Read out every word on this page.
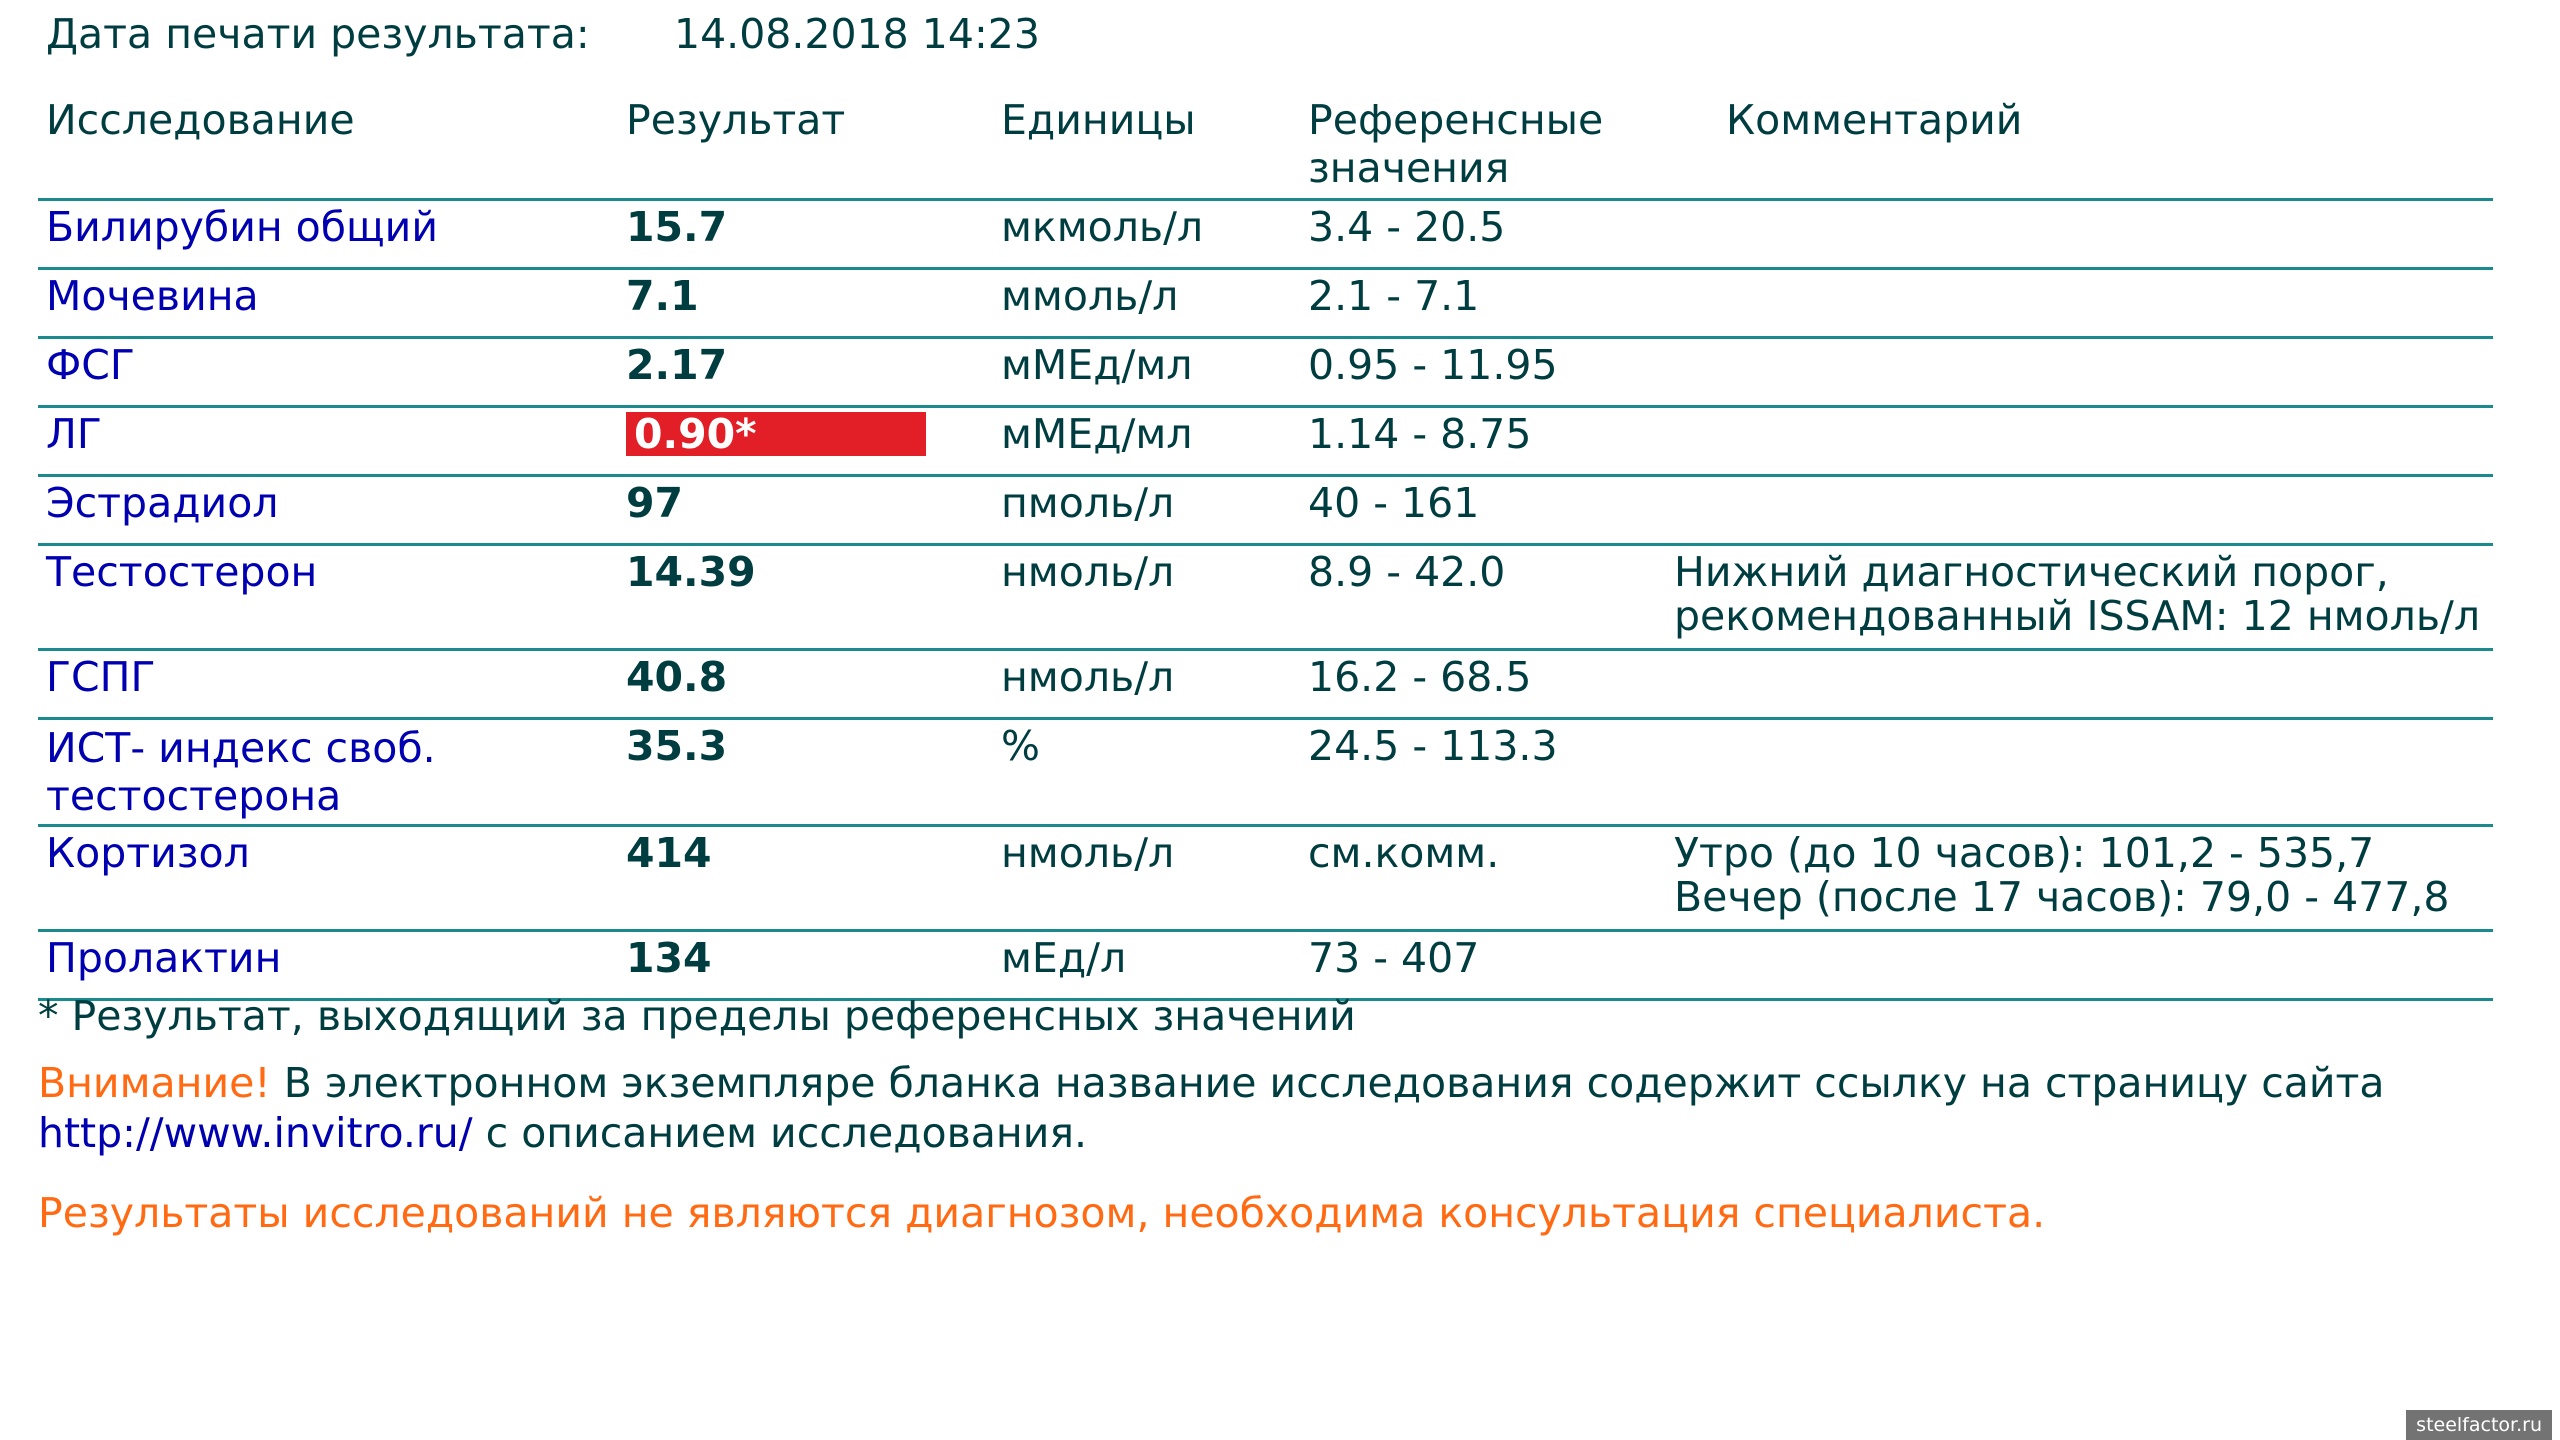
Дата печати результата: 14.08.2018 14:23
Исследование	Результат	Единицы	Референсные значения	Комментарий
Билирубин общий	15.7	мкмоль/л	3.4 - 20.5	
Мочевина	7.1	ммоль/л	2.1 - 7.1	
ФСГ	2.17	мМЕд/мл	0.95 - 11.95	
ЛГ	0.90*	мМЕд/мл	1.14 - 8.75	
Эстрадиол	97	пмоль/л	40 - 161	
Тестостерон	14.39	нмоль/л	8.9 - 42.0	Нижний диагностический порог, рекомендованный ISSAM: 12 нмоль/л

ГСПГ	40.8	нмоль/л	16.2 - 68.5	

ИСТ- индекс своб. тестостерона	35.3	%	24.5 - 113.3	
Кортизол	414	нмоль/л	см.комм.	Утро (до 10 часов): 101,2 - 535,7
Вечер (после 17 часов): 79,0 - 477,8

Пролактин	134	мЕд/л	73 - 407	
* Результат, выходящий за пределы референсных значений
Внимание! В электронном экземпляре бланка название исследования содержит ссылку на страницу сайта
http://www.invitro.ru/ с описанием исследования.
Результаты исследований не являются диагнозом, необходима консультация специалиста.
steelfactor.ru
